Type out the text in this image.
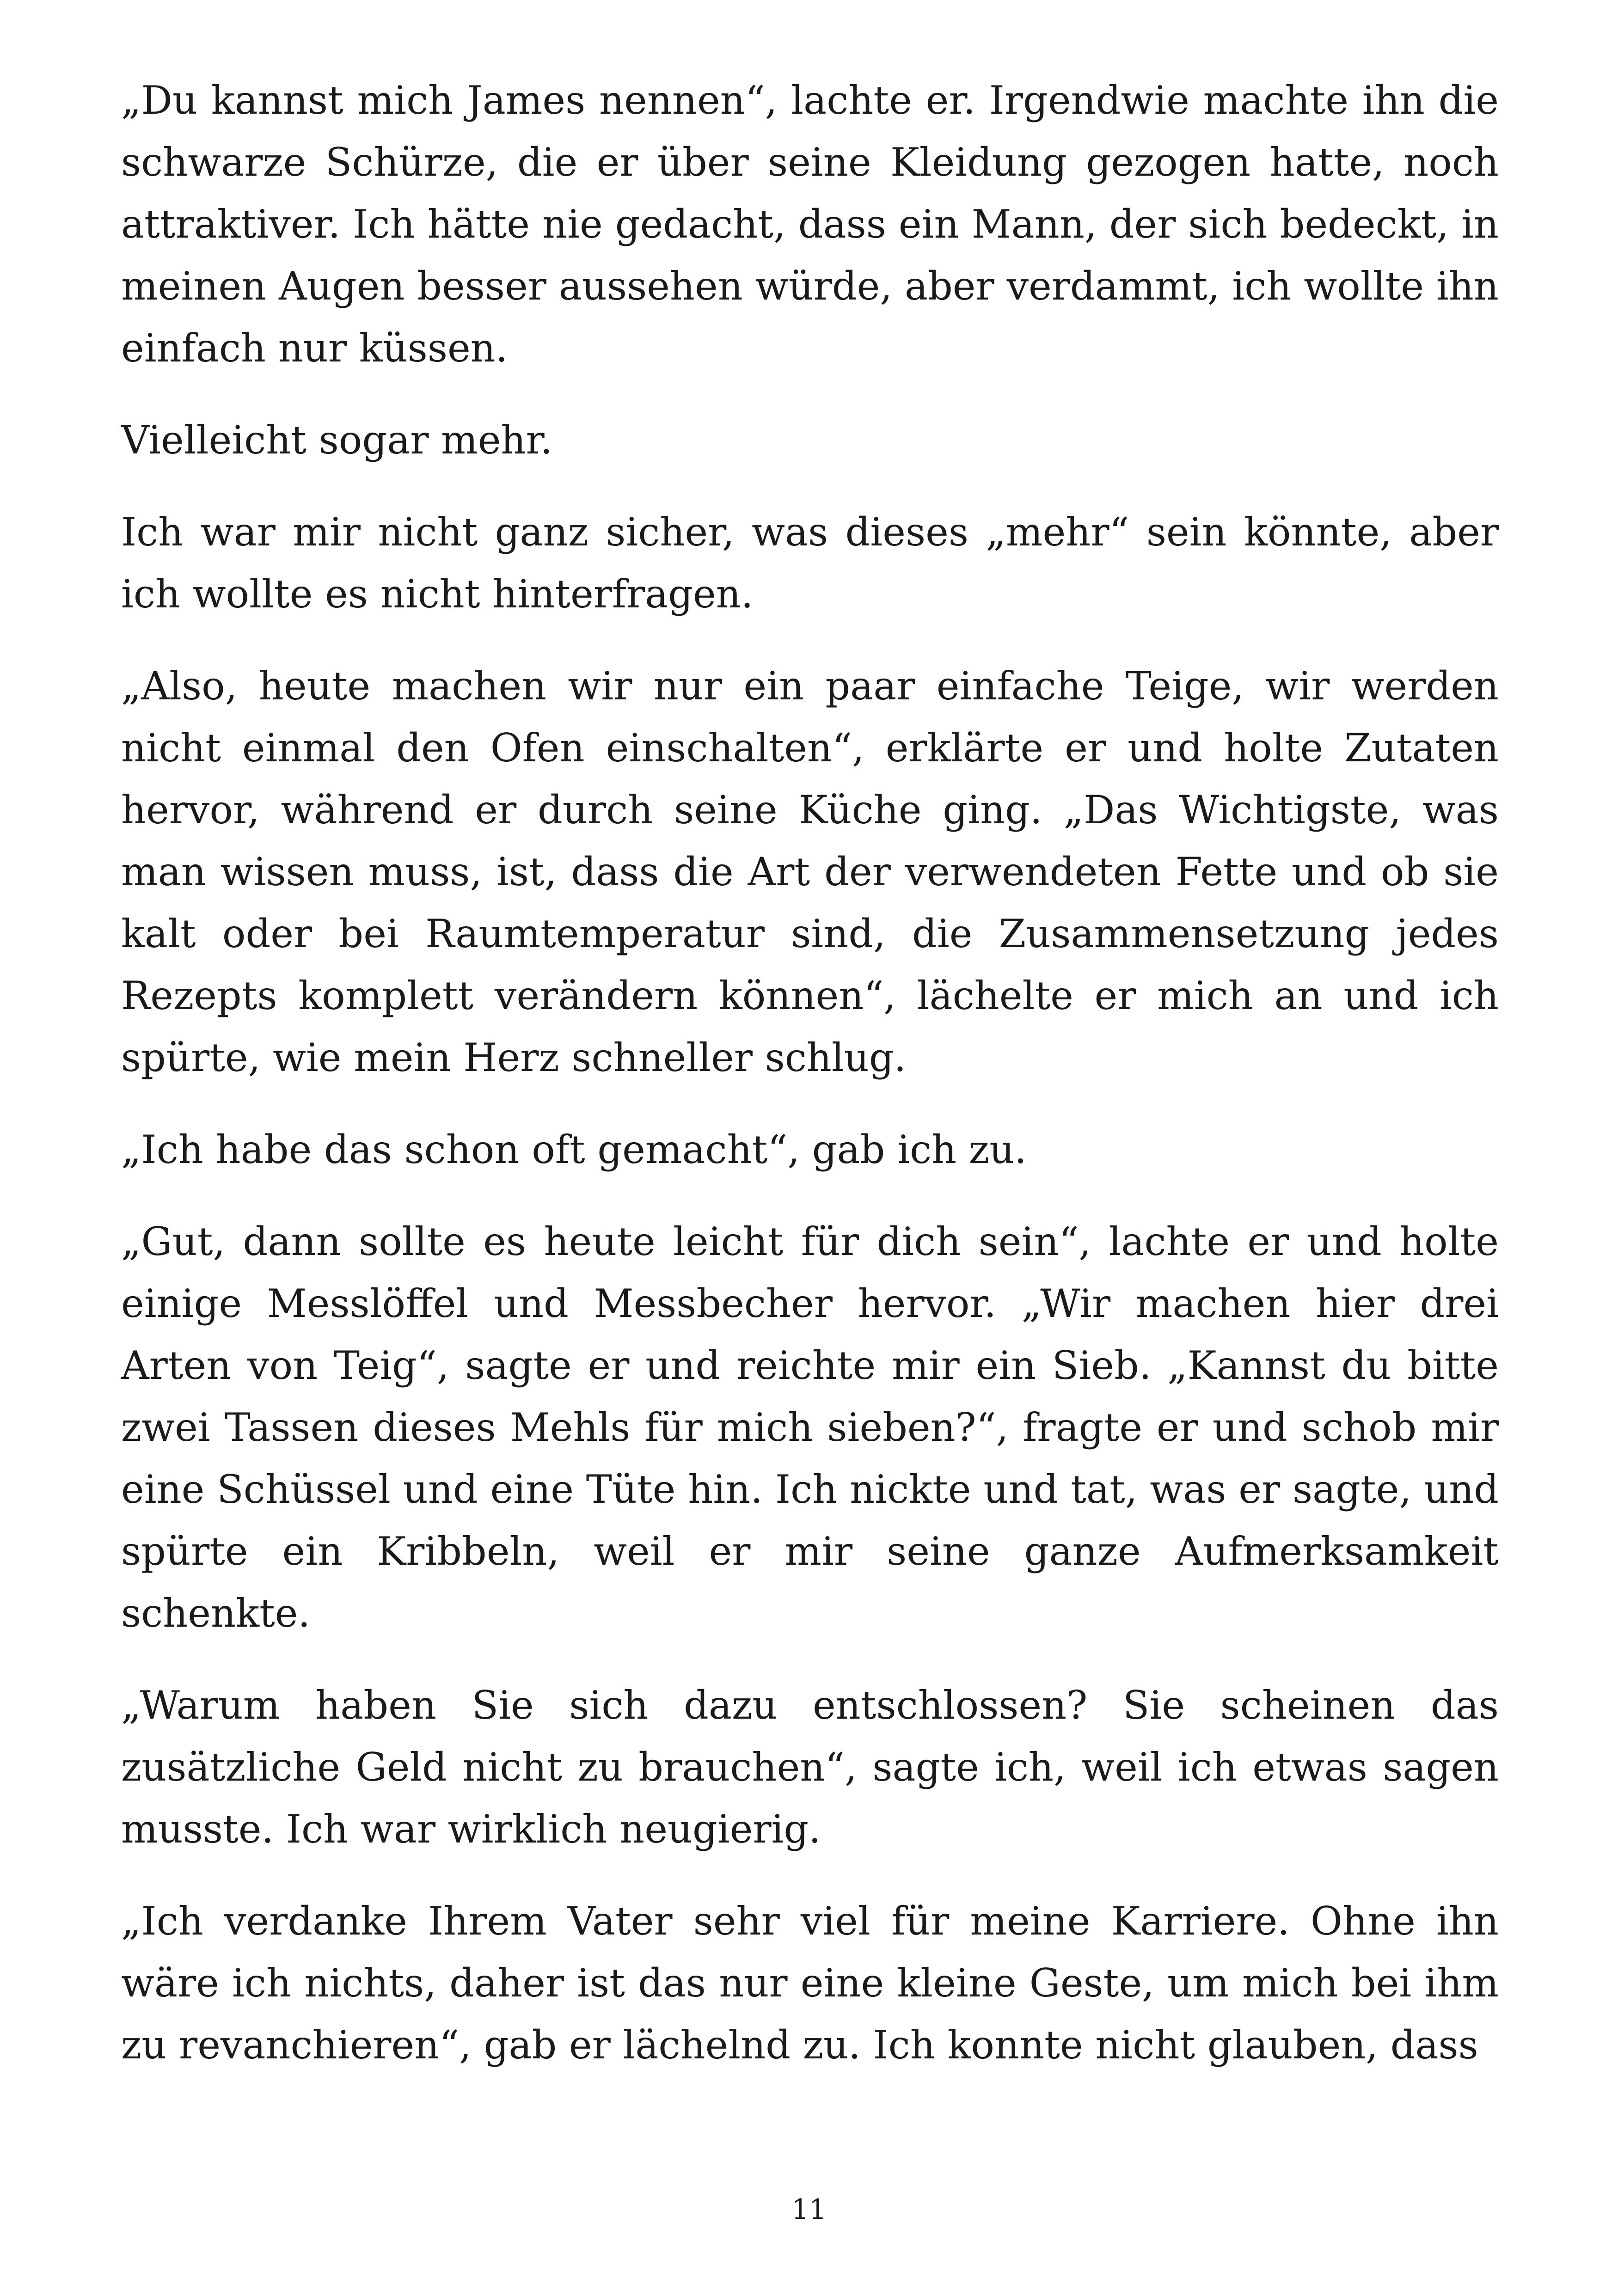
„Du kannst mich James nennen“, lachte er. Irgendwie machte ihn die schwarze Schürze, die er über seine Kleidung gezogen hatte, noch attraktiver. Ich hätte nie gedacht, dass ein Mann, der sich bedeckt, in meinen Augen besser aussehen würde, aber verdammt, ich wollte ihn einfach nur küssen.

Vielleicht sogar mehr.

Ich war mir nicht ganz sicher, was dieses „mehr“ sein könnte, aber ich wollte es nicht hinterfragen.

„Also, heute machen wir nur ein paar einfache Teige, wir werden nicht einmal den Ofen einschalten“, erklärte er und holte Zutaten hervor, während er durch seine Küche ging. „Das Wichtigste, was man wissen muss, ist, dass die Art der verwendeten Fette und ob sie kalt oder bei Raumtemperatur sind, die Zusammensetzung jedes Rezepts komplett verändern können“, lächelte er mich an und ich spürte, wie mein Herz schneller schlug.

„Ich habe das schon oft gemacht“, gab ich zu.

„Gut, dann sollte es heute leicht für dich sein“, lachte er und holte einige Messlöffel und Messbecher hervor. „Wir machen hier drei Arten von Teig“, sagte er und reichte mir ein Sieb. „Kannst du bitte zwei Tassen dieses Mehls für mich sieben?“, fragte er und schob mir eine Schüssel und eine Tüte hin. Ich nickte und tat, was er sagte, und spürte ein Kribbeln, weil er mir seine ganze Aufmerksamkeit schenkte.

„Warum haben Sie sich dazu entschlossen? Sie scheinen das zusätzliche Geld nicht zu brauchen“, sagte ich, weil ich etwas sagen musste. Ich war wirklich neugierig.

„Ich verdanke Ihrem Vater sehr viel für meine Karriere. Ohne ihn wäre ich nichts, daher ist das nur eine kleine Geste, um mich bei ihm zu revanchieren“, gab er lächelnd zu. Ich konnte nicht glauben, dass

11
